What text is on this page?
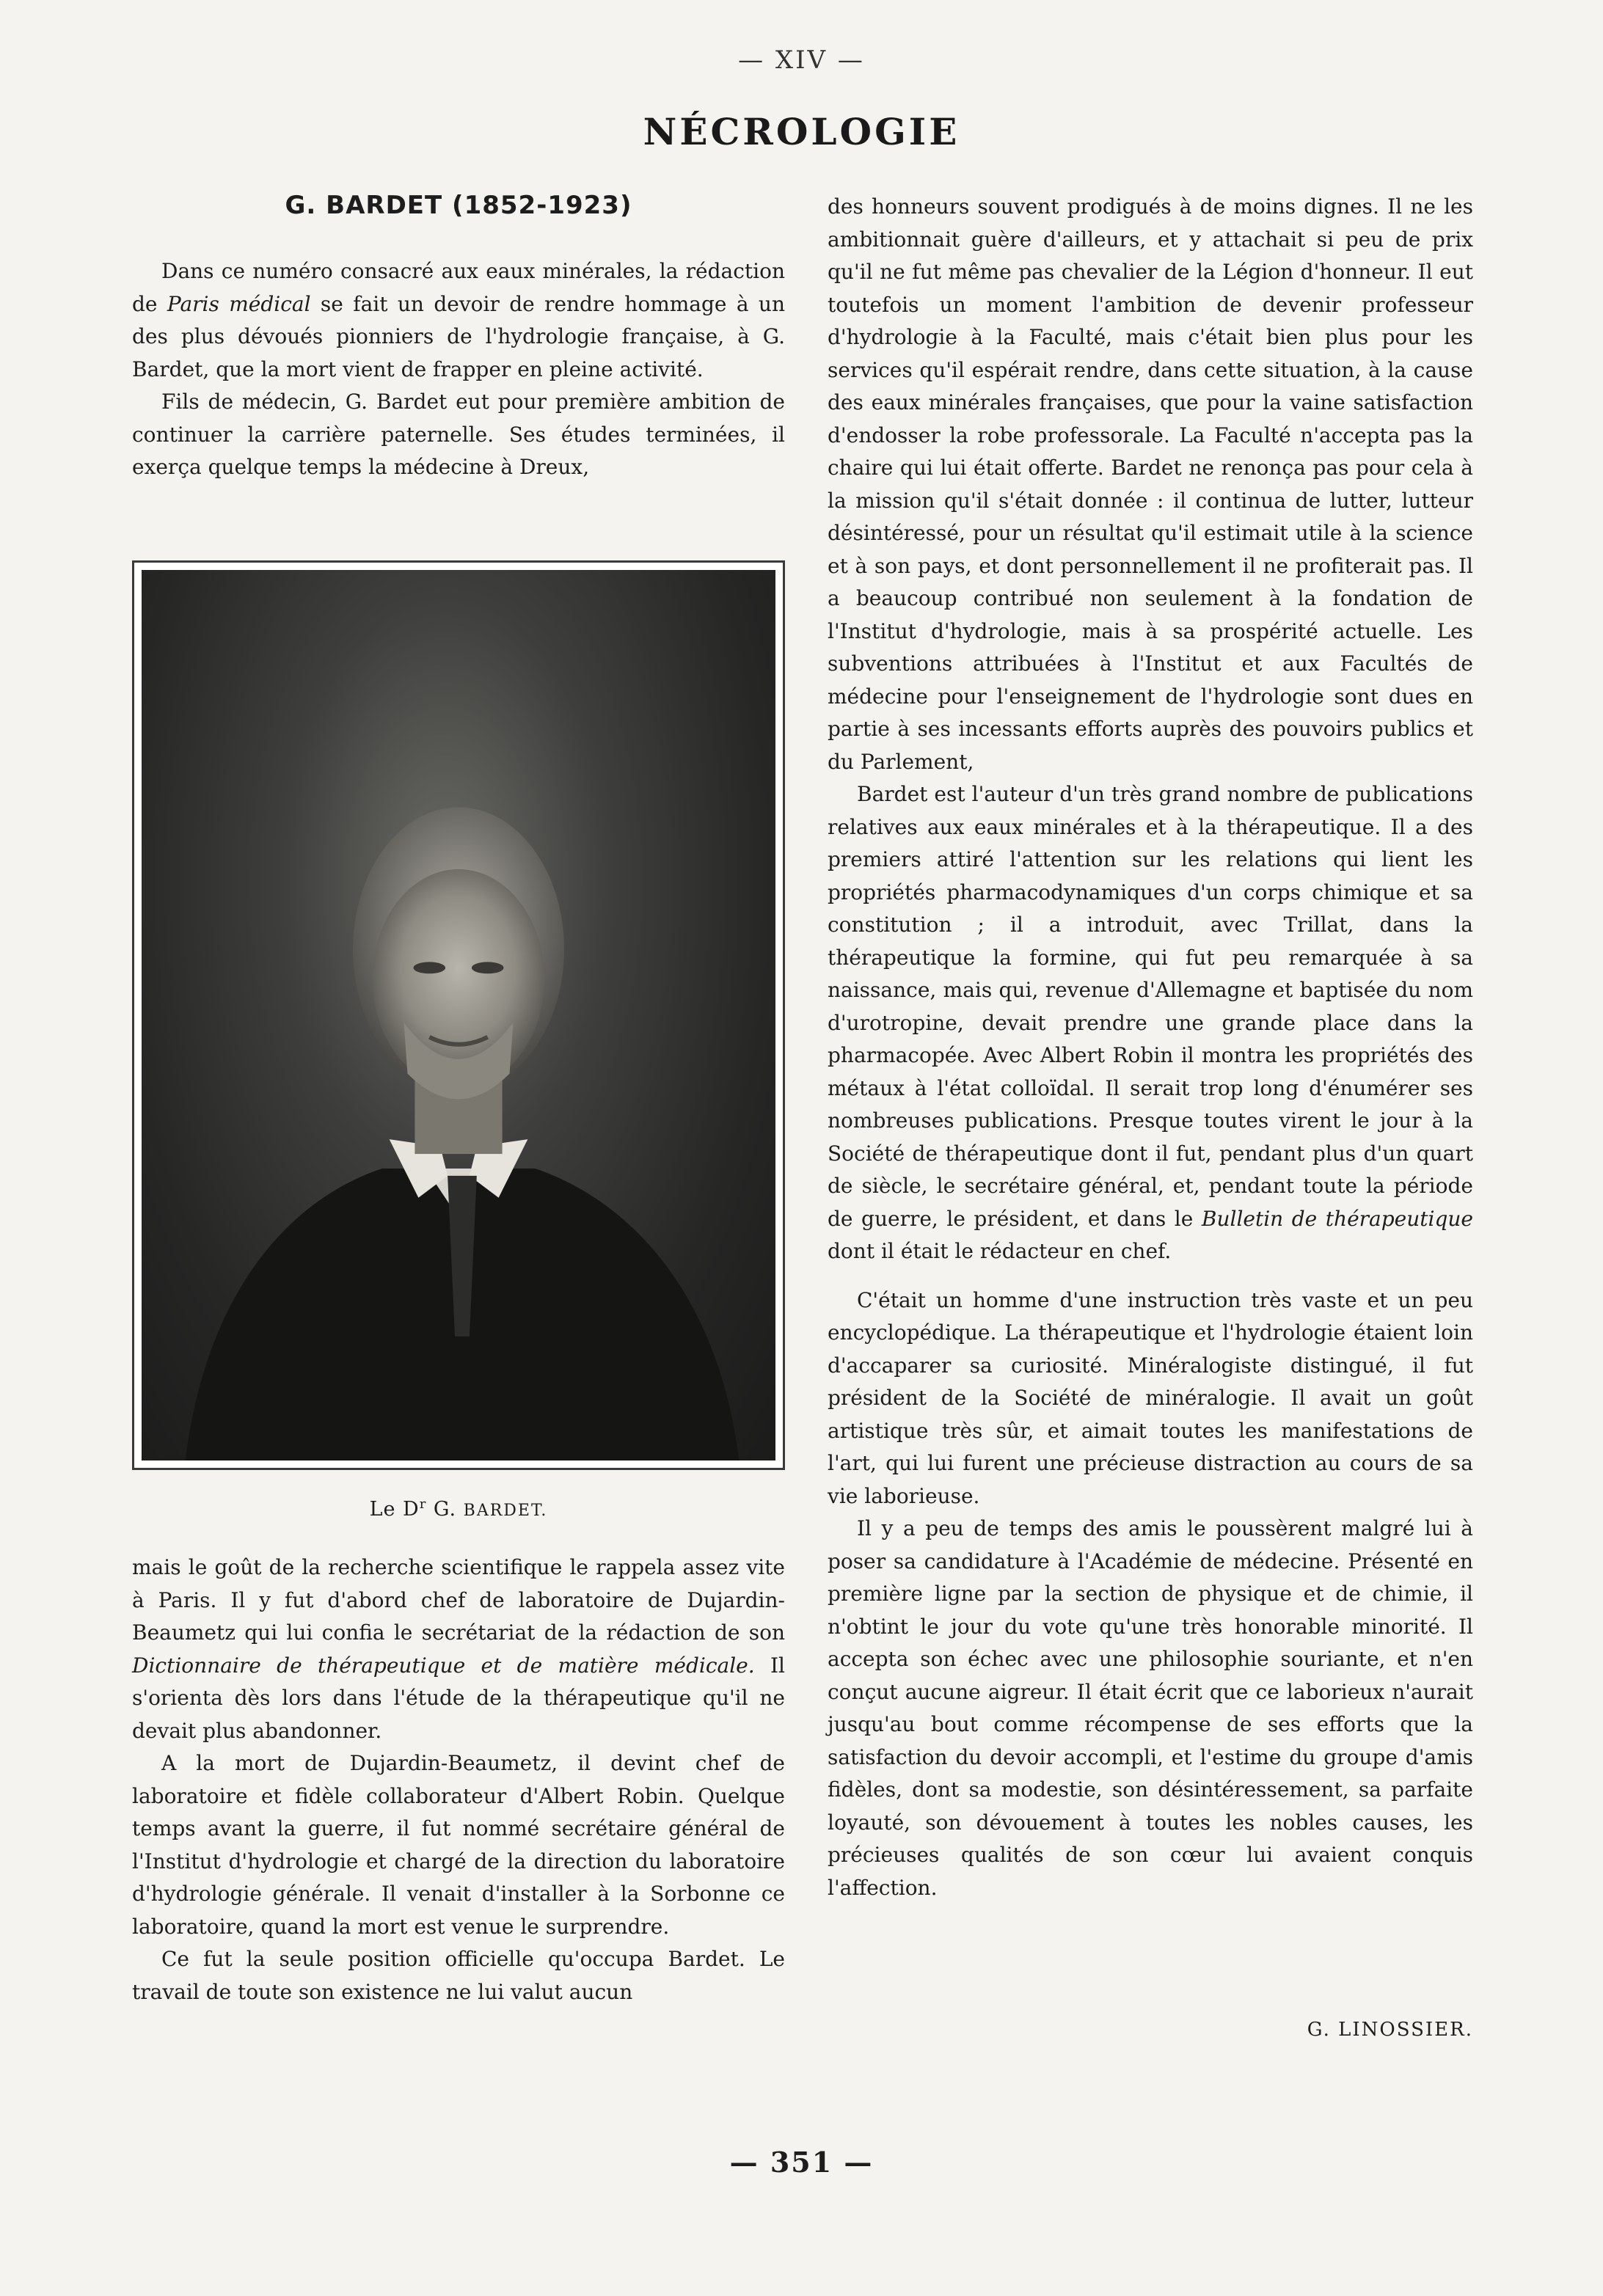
— XIV —
NÉCROLOGIE
G. BARDET (1852-1923)

Dans ce numéro consacré aux eaux minérales, la rédaction de Paris médical se fait un devoir de rendre hommage à un des plus dévoués pionniers de l'hydrologie française, à G. Bardet, que la mort vient de frapper en pleine activité.

Fils de médecin, G. Bardet eut pour première ambition de continuer la carrière paternelle. Ses études terminées, il exerça quelque temps la médecine à Dreux,

Le $D^r$ G. BARDET.

mais le goût de la recherche scientifique le rappela assez vite à Paris. Il y fut d'abord chef de laboratoire de Dujardin-Beaumetz qui lui confia le secrétariat de la rédaction de son Dictionnaire de thérapeutique et de matière médicale. Il s'orienta dès lors dans l'étude de la thérapeutique qu'il ne devait plus abandonner.

A la mort de Dujardin-Beaumetz, il devint chef de laboratoire et fidèle collaborateur d'Albert Robin. Quelque temps avant la guerre, il fut nommé secrétaire général de l'Institut d'hydrologie et chargé de la direction du laboratoire d'hydrologie générale. Il venait d'installer à la Sorbonne ce laboratoire, quand la mort est venue le surprendre.

Ce fut la seule position officielle qu'occupa Bardet. Le travail de toute son existence ne lui valut aucun

des honneurs souvent prodigués à de moins dignes. Il ne les ambitionnait guère d'ailleurs, et y attachait si peu de prix qu'il ne fut même pas chevalier de la Légion d'honneur. Il eut toutefois un moment l'ambition de devenir professeur d'hydrologie à la Faculté, mais c'était bien plus pour les services qu'il espérait rendre, dans cette situation, à la cause des eaux minérales françaises, que pour la vaine satisfaction d'endosser la robe professorale. La Faculté n'accepta pas la chaire qui lui était offerte. Bardet ne renonça pas pour cela à la mission qu'il s'était donnée : il continua de lutter, lutteur désintéressé, pour un résultat qu'il estimait utile à la science et à son pays, et dont personnellement il ne profiterait pas. Il a beaucoup contribué non seulement à la fondation de l'Institut d'hydrologie, mais à sa prospérité actuelle. Les subventions attribuées à l'Institut et aux Facultés de médecine pour l'enseignement de l'hydrologie sont dues en partie à ses incessants efforts auprès des pouvoirs publics et du Parlement,

Bardet est l'auteur d'un très grand nombre de publications relatives aux eaux minérales et à la thérapeutique. Il a des premiers attiré l'attention sur les relations qui lient les propriétés pharmacodynamiques d'un corps chimique et sa constitution ; il a introduit, avec Trillat, dans la thérapeutique la formine, qui fut peu remarquée à sa naissance, mais qui, revenue d'Allemagne et baptisée du nom d'urotropine, devait prendre une grande place dans la pharmacopée. Avec Albert Robin il montra les propriétés des métaux à l'état colloïdal. Il serait trop long d'énumérer ses nombreuses publications. Presque toutes virent le jour à la Société de thérapeutique dont il fut, pendant plus d'un quart de siècle, le secrétaire général, et, pendant toute la période de guerre, le président, et dans le Bulletin de thérapeutique dont il était le rédacteur en chef.

C'était un homme d'une instruction très vaste et un peu encyclopédique. La thérapeutique et l'hydrologie étaient loin d'accaparer sa curiosité. Minéralogiste distingué, il fut président de la Société de minéralogie. Il avait un goût artistique très sûr, et aimait toutes les manifestations de l'art, qui lui furent une précieuse distraction au cours de sa vie laborieuse.

Il y a peu de temps des amis le poussèrent malgré lui à poser sa candidature à l'Académie de médecine. Présenté en première ligne par la section de physique et de chimie, il n'obtint le jour du vote qu'une très honorable minorité. Il accepta son échec avec une philosophie souriante, et n'en conçut aucune aigreur. Il était écrit que ce laborieux n'aurait jusqu'au bout comme récompense de ses efforts que la satisfaction du devoir accompli, et l'estime du groupe d'amis fidèles, dont sa modestie, son désintéressement, sa parfaite loyauté, son dévouement à toutes les nobles causes, les précieuses qualités de son cœur lui avaient conquis l'affection.

G. LINOSSIER.
— 351 —
